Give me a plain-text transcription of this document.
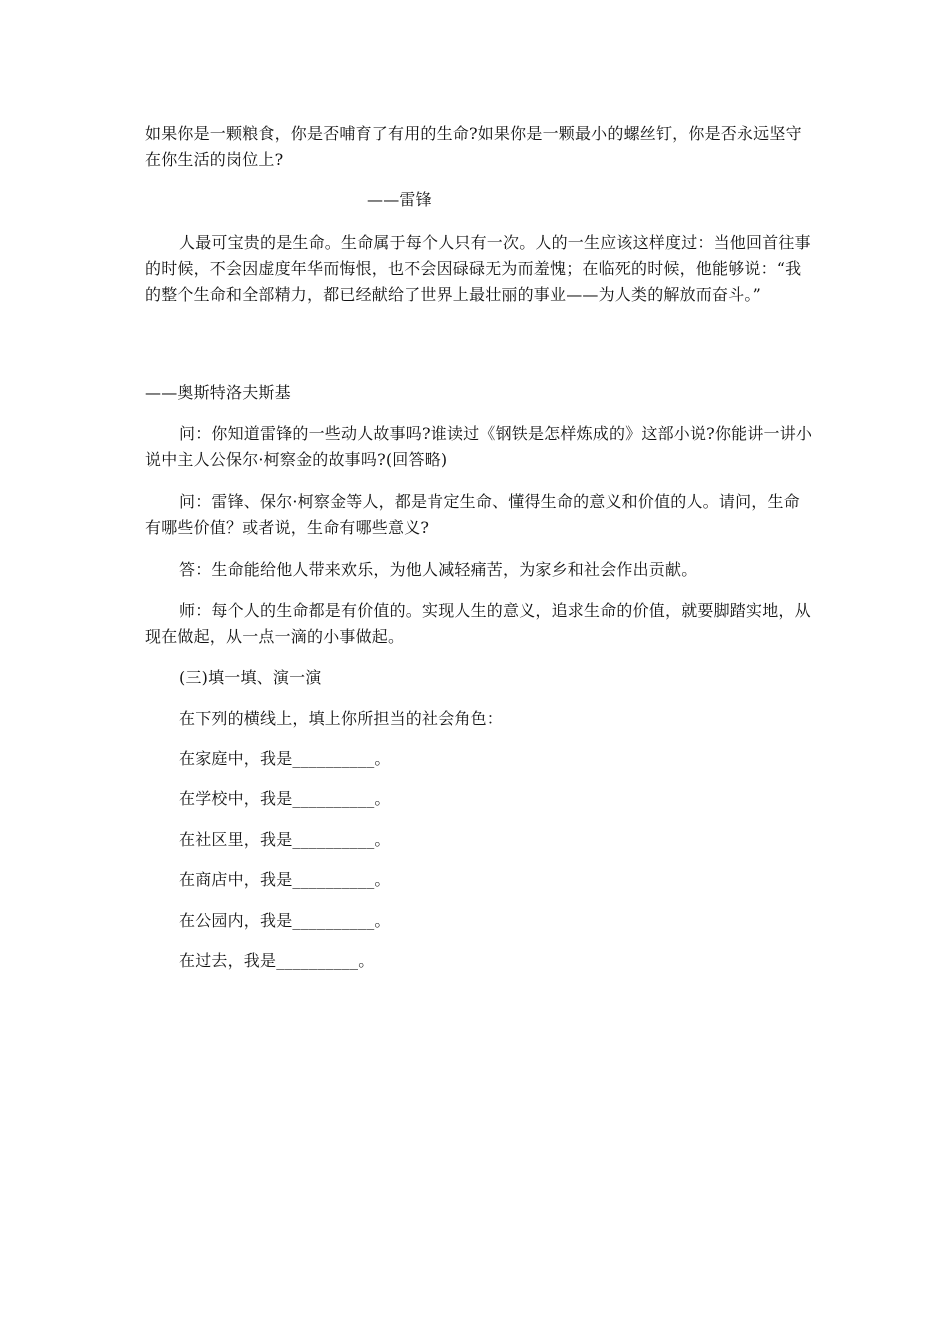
如果你是一颗粮食，你是否哺育了有用的生命?如果你是一颗最小的螺丝钉，你是否永远坚守在你生活的岗位上?

——雷锋

人最可宝贵的是生命。生命属于每个人只有一次。人的一生应该这样度过：当他回首往事的时候，不会因虚度年华而悔恨，也不会因碌碌无为而羞愧；在临死的时候，他能够说：“我的整个生命和全部精力，都已经献给了世界上最壮丽的事业——为人类的解放而奋斗。”

——奥斯特洛夫斯基

问：你知道雷锋的一些动人故事吗?谁读过《钢铁是怎样炼成的》这部小说?你能讲一讲小说中主人公保尔·柯察金的故事吗?(回答略)

问：雷锋、保尔·柯察金等人，都是肯定生命、懂得生命的意义和价值的人。请问，生命有哪些价值？或者说，生命有哪些意义?

答：生命能给他人带来欢乐，为他人减轻痛苦，为家乡和社会作出贡献。

师：每个人的生命都是有价值的。实现人生的意义，追求生命的价值，就要脚踏实地，从现在做起，从一点一滴的小事做起。

(三)填一填、演一演

在下列的横线上，填上你所担当的社会角色：

在家庭中，我是__________。

在学校中，我是__________。

在社区里，我是__________。

在商店中，我是__________。

在公园内，我是__________。

在过去，我是__________。
